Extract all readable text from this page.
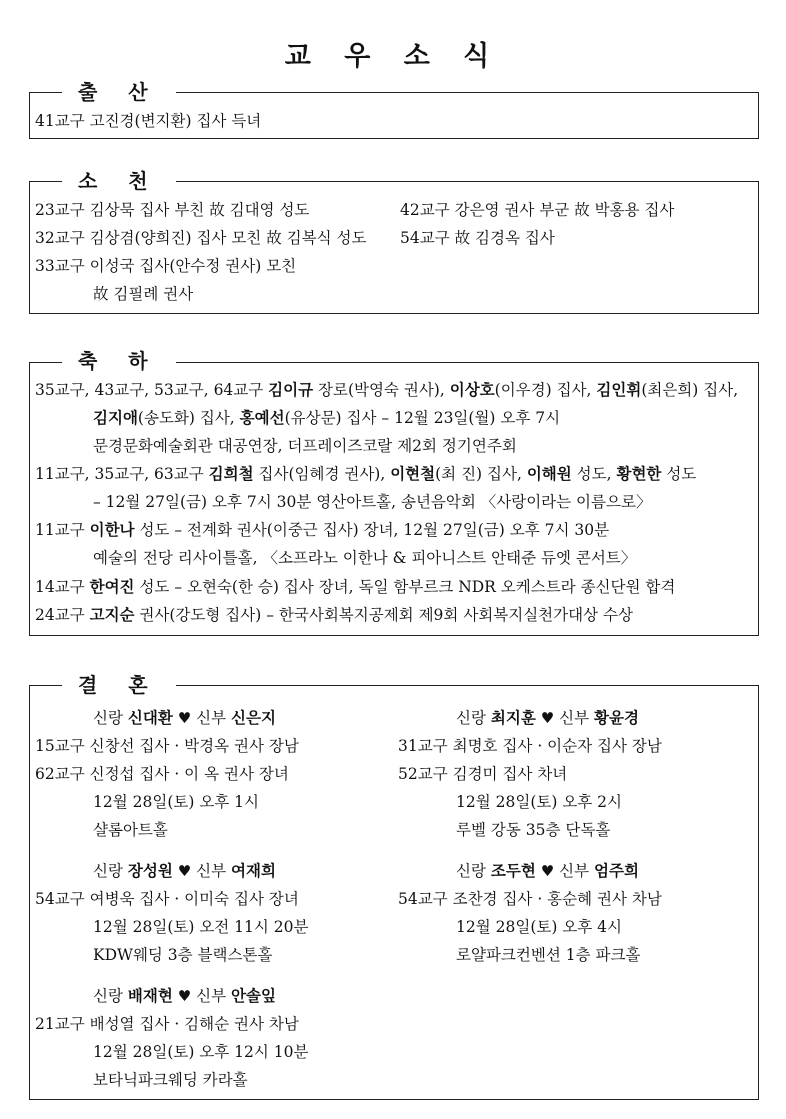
교 우 소 식
출 산
41교구 고진경(변지환) 집사 득녀
소 천
23교구 김상묵 집사 부친 故 김대영 성도
32교구 김상겸(양희진) 집사 모친 故 김복식 성도
33교구 이성국 집사(안수정 권사) 모친
故 김필례 권사
42교구 강은영 권사 부군 故 박홍용 집사
54교구 故 김경옥 집사
축 하
35교구, 43교구, 53교구, 64교구 김이규 장로(박영숙 권사), 이상호(이우경) 집사, 김인휘(최은희) 집사,
김지애(송도화) 집사, 홍예선(유상문) 집사 – 12월 23일(월) 오후 7시
문경문화예술회관 대공연장, 더프레이즈코랄 제2회 정기연주회
11교구, 35교구, 63교구 김희철 집사(임혜경 권사), 이현철(최 진) 집사, 이해원 성도, 황현한 성도
– 12월 27일(금) 오후 7시 30분 영산아트홀, 송년음악회 〈사랑이라는 이름으로〉
11교구 이한나 성도 – 전계화 권사(이중근 집사) 장녀, 12월 27일(금) 오후 7시 30분
예술의 전당 리사이틀홀, 〈소프라노 이한나 & 피아니스트 안태준 듀엣 콘서트〉
14교구 한여진 성도 – 오현숙(한 승) 집사 장녀, 독일 함부르크 NDR 오케스트라 종신단원 합격
24교구 고지순 권사(강도형 집사) – 한국사회복지공제회 제9회 사회복지실천가대상 수상
결 혼
신랑 신대환 ♥ 신부 신은지
15교구 신창선 집사 · 박경옥 권사 장남
62교구 신정섭 집사 · 이 옥 권사 장녀
12월 28일(토) 오후 1시
샬롬아트홀
신랑 최지훈 ♥ 신부 황윤경
31교구 최명호 집사 · 이순자 집사 장남
52교구 김경미 집사 차녀
12월 28일(토) 오후 2시
루벨 강동 35층 단독홀
신랑 장성원 ♥ 신부 여재희
54교구 여병욱 집사 · 이미숙 집사 장녀
12월 28일(토) 오전 11시 20분
KDW웨딩 3층 블랙스톤홀
신랑 조두현 ♥ 신부 엄주희
54교구 조찬경 집사 · 홍순혜 권사 차남
12월 28일(토) 오후 4시
로얄파크컨벤션 1층 파크홀
신랑 배재현 ♥ 신부 안솔잎
21교구 배성열 집사 · 김해순 권사 차남
12월 28일(토) 오후 12시 10분
보타닉파크웨딩 카라홀
